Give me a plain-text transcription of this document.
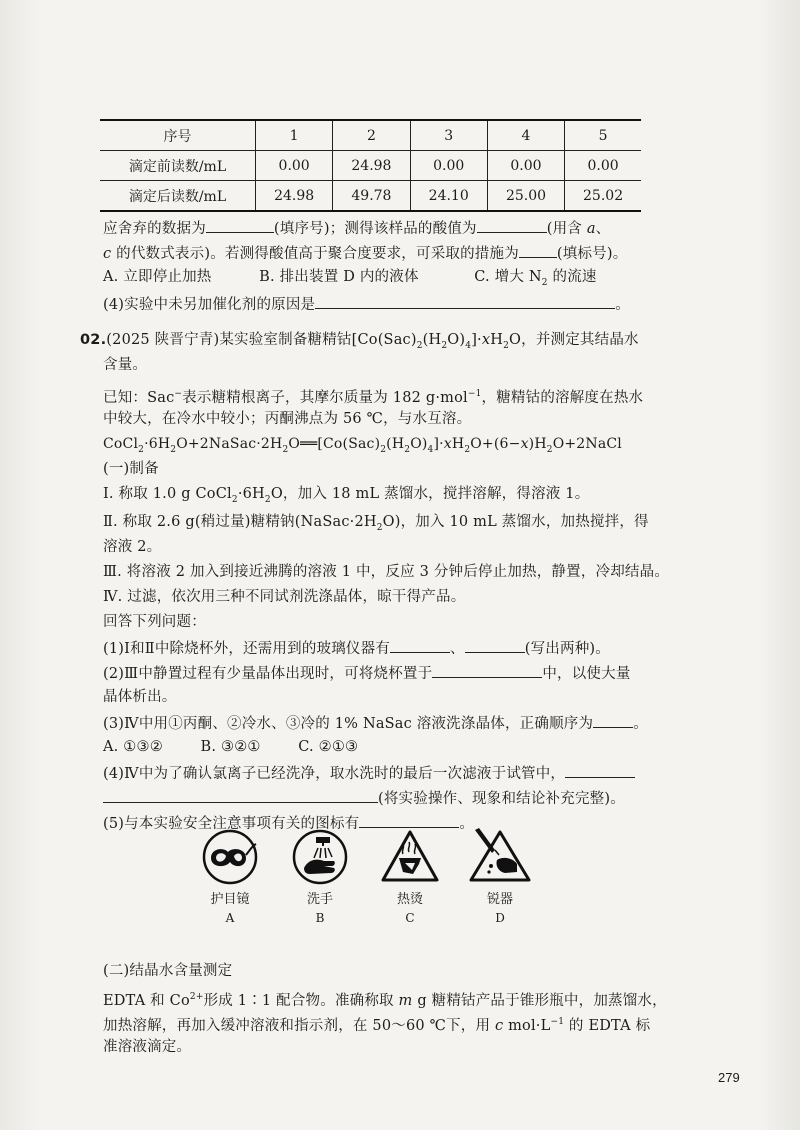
序号	1	2	3	4	5
滴定前读数/mL	0.00	24.98	0.00	0.00	0.00
滴定后读数/mL	24.98	49.78	24.10	25.00	25.02
应舍弃的数据为	(填序号)；测得该样品的酸值为	(用含 a、
c 的代数式表示)。若测得酸值高于聚合度要求，可采取的措施为	(填标号)。
A. 立即停止加热	B. 排出装置 D 内的液体	C. 增大 $N_2$ 的流速
(4)实验中未另加催化剂的原因是	。
02.(2025 陕晋宁青)某实验室制备糖精钴$[Co(Sac)_2(H_2O)_4]\cdot xH_2O$，并测定其结晶水
含量。
已知：Sac−表示糖精根离子，其摩尔质量为 182 g·mol$^{-1}$，糖精钴的溶解度在热水
中较大，在冷水中较小；丙酮沸点为 56 ℃，与水互溶。
$CoCl_2\cdot 6H_2O+2NaSac\cdot 2H_2O══[Co(Sac)_2(H_2O)_4]\cdot xH_2O+(6-x)H_2O+2NaCl$
(一)制备
Ⅰ. 称取 1.0 g $CoCl_2\cdot 6H_2O$，加入 18 mL 蒸馏水，搅拌溶解，得溶液 1。
Ⅱ. 称取 2.6 g(稍过量)糖精钠$(NaSac\cdot 2H_2O)$，加入 10 mL 蒸馏水，加热搅拌，得
溶液 2。
Ⅲ. 将溶液 2 加入到接近沸腾的溶液 1 中，反应 3 分钟后停止加热，静置，冷却结晶。
Ⅳ. 过滤，依次用三种不同试剂洗涤晶体，晾干得产品。
回答下列问题：
(1)Ⅰ和Ⅱ中除烧杯外，还需用到的玻璃仪器有	、	(写出两种)。
(2)Ⅲ中静置过程有少量晶体出现时，可将烧杯置于	中，以使大量
晶体析出。
(3)Ⅳ中用①丙酮、②冷水、③冷的 1% NaSac 溶液洗涤晶体，正确顺序为	。
A. ①③②	B. ③②①	C. ②①③
(4)Ⅳ中为了确认氯离子已经洗净，取水洗时的最后一次滤液于试管中，
(将实验操作、现象和结论补充完整)。
(5)与本实验安全注意事项有关的图标有	。
护目镜
A
洗手
B
热烫
C
锐器
D
(二)结晶水含量测定
EDTA 和 $Co^{2+}$形成 1∶1 配合物。准确称取 m g 糖精钴产品于锥形瓶中，加蒸馏水，
加热溶解，再加入缓冲溶液和指示剂，在 50～60 ℃下，用 c $mol\cdot L^{-1}$ 的 EDTA 标
准溶液滴定。
279
